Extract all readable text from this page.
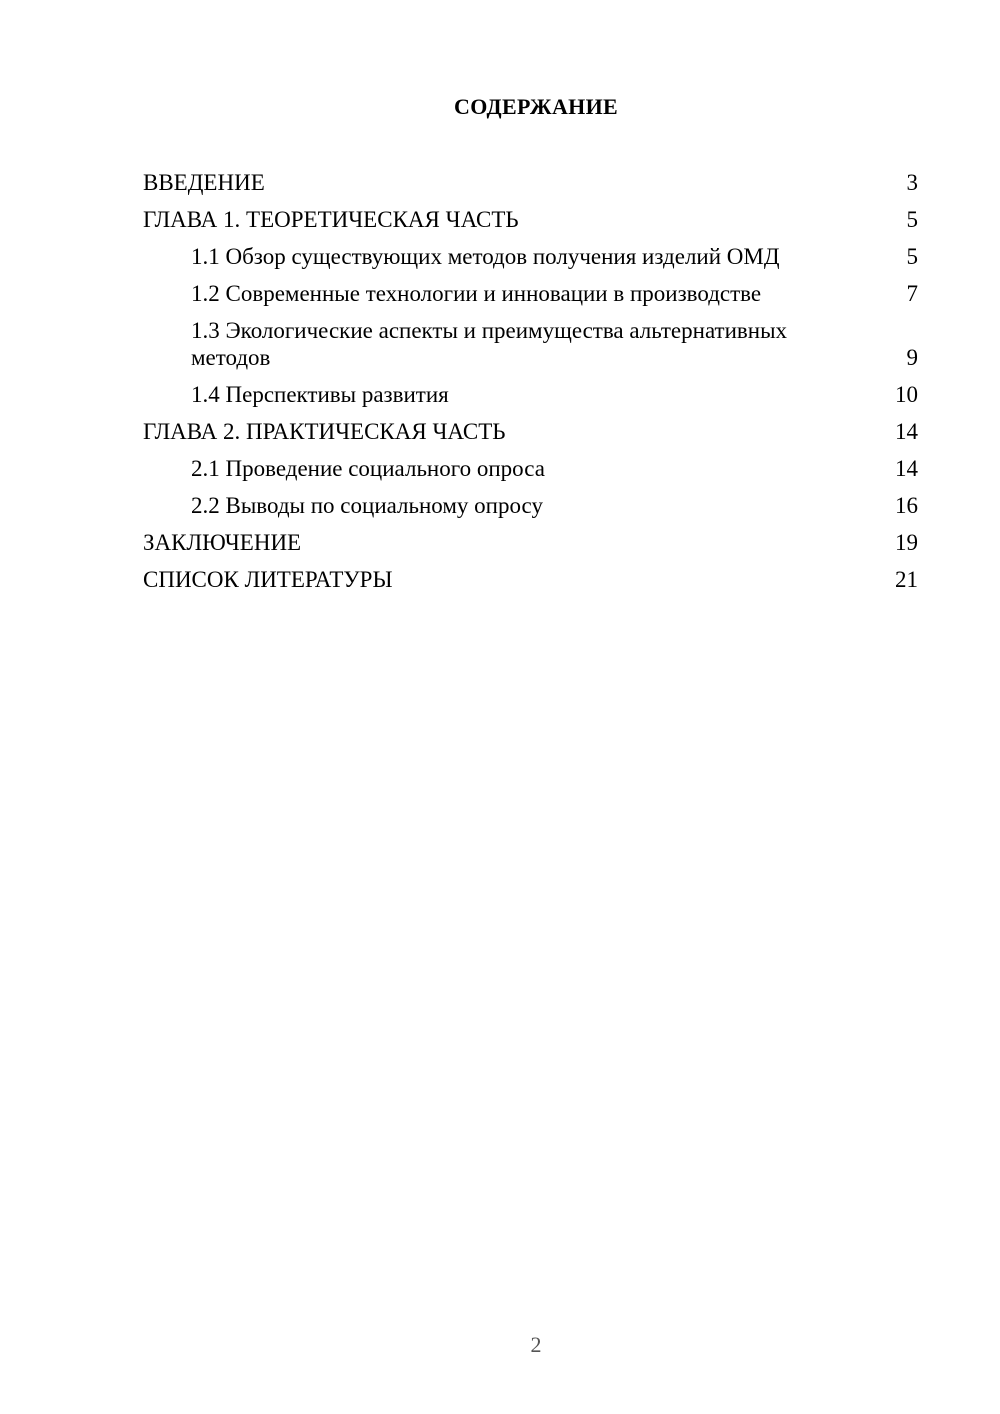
СОДЕРЖАНИЕ
ВВЕДЕНИЕ	3
ГЛАВА 1. ТЕОРЕТИЧЕСКАЯ ЧАСТЬ	5
1.1 Обзор существующих методов получения изделий ОМД	5
1.2 Современные технологии и инновации в производстве	7
1.3 Экологические аспекты и преимущества альтернативных методов	9
1.4 Перспективы развития	10
ГЛАВА 2. ПРАКТИЧЕСКАЯ ЧАСТЬ	14
2.1 Проведение социального опроса	14
2.2 Выводы по социальному опросу	16
ЗАКЛЮЧЕНИЕ	19
СПИСОК ЛИТЕРАТУРЫ	21
2
